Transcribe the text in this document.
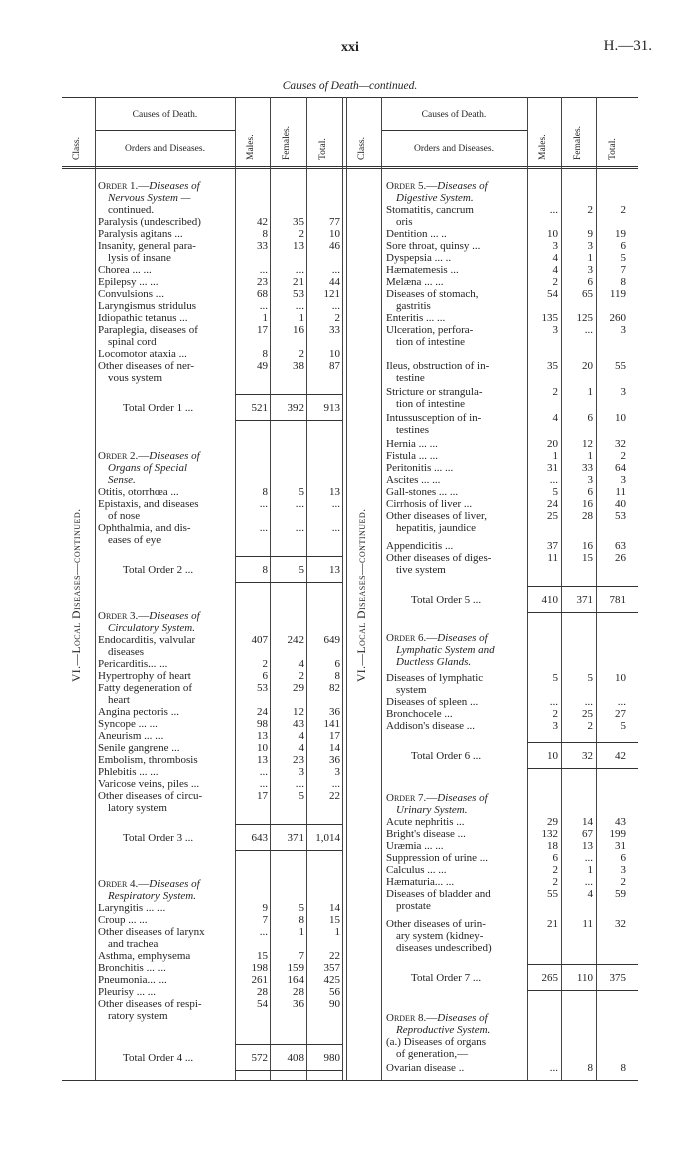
xxi	H.—31.
Causes of Death—continued.
Class.
Causes of Death.
Orders and Diseases.	Males.	Females.	Total.	Class.
Causes of Death.
Orders and Diseases.	Males.	Females.	Total.
VI.—Local Diseases—continued.	VI.—Local Diseases—continued.
Order 1.—Diseases of
Nervous System —
continued.
Paralysis (undescribed)	42 35 77
Paralysis agitans ...	8	2 10
Insanity, general para-	33 13 46
lysis of insane
Chorea ... ...	...	...	...
Epilepsy ... ...	23 21 44
Convulsions ...	68 53 121
Laryngismus stridulus	...	...	...
Idiopathic tetanus ...	1	1	2
Paraplegia, diseases of	17 16 33
spinal cord
Locomotor ataxia ...	8	2 10
Other diseases of ner-	49 38 87
vous system
Total Order 1 ...	521 392 913
Order 2.—Diseases of
Organs of Special
Sense.
Otitis, otorrhœa ...	8	5 13
Epistaxis, and diseases	...	...	...
of nose
Ophthalmia, and dis-	...	...	...
eases of eye
Total Order 2 ...	8	5 13
Order 3.—Diseases of
Circulatory System.
Endocarditis, valvular	407 242 649
diseases
Pericarditis... ...	2	4	6
Hypertrophy of heart	6	2	8
Fatty degeneration of	53 29 82
heart
Angina pectoris ...	24 12 36
Syncope ... ...	98 43 141
Aneurism ... ...	13	4 17
Senile gangrene ...	10	4 14
Embolism, thrombosis	13 23 36
Phlebitis ... ...	...	3	3
Varicose veins, piles ...	...	...	...
Other diseases of circu-	17	5 22
latory system
Total Order 3 ...	643 371 1,014
Order 4.—Diseases of
Respiratory System.
Laryngitis ... ...	9	5 14
Croup ... ...	7	8 15
Other diseases of larynx	...	1	1
and trachea
Asthma, emphysema	15	7 22
Bronchitis ... ...	198 159 357
Pneumonia... ...	261 164 425
Pleurisy ... ...	28 28 56
Other diseases of respi-	54 36 90
ratory system
Total Order 4 ...	572 408 980
Order 5.—Diseases of
Digestive System.
Stomatitis, cancrum	...	2	2
oris
Dentition ... ..	10	9 19
Sore throat, quinsy ...	3	3	6
Dyspepsia ... ..	4	1	5
Hæmatemesis ...	4	3	7
Melæna ... ...	2	6	8
Diseases of stomach,	54 65 119
gastritis
Enteritis ... ...	135 125 260
Ulceration, perfora-	3 ...	3
tion of intestine
Ileus, obstruction of in-	35 20 55
testine
Stricture or strangula-	2	1	3
tion of intestine
Intussusception of in-	4	6 10
testines
Hernia ... ...	20 12 32
Fistula ... ...	1	1	2
Peritonitis ... ...	31 33 64
Ascites ... ...	...	3	3
Gall-stones ... ...	5	6 11
Cirrhosis of liver ...	24 16 40
Other diseases of liver,	25 28 53
hepatitis, jaundice
Appendicitis ...	37 16 63
Other diseases of diges-	11 15 26
tive system
Total Order 5 ...	410 371 781
Order 6.—Diseases of
Lymphatic System and
Ductless Glands.
Diseases of lymphatic	5	5 10
system
Diseases of spleen ...	... ... ...
Bronchocele ...	2 25 27
Addison's disease ...	3	2	5
Total Order 6 ...	10 32 42
Order 7.—Diseases of
Urinary System.
Acute nephritis ...	29 14 43
Bright's disease ...	132 67 199
Uræmia ... ...	18 13 31
Suppression of urine ...	6 ...	6
Calculus ... ...	2	1	3
Hæmaturia... ...	2 ...	2
Diseases of bladder and	55	4 59
prostate
Other diseases of urin-	21 11 32
ary system (kidney-
diseases undescribed)
Total Order 7 ...	265 110 375
Order 8.—Diseases of
Reproductive System.
(a.) Diseases of organs
of generation,—
Ovarian disease ..	...	8	8
